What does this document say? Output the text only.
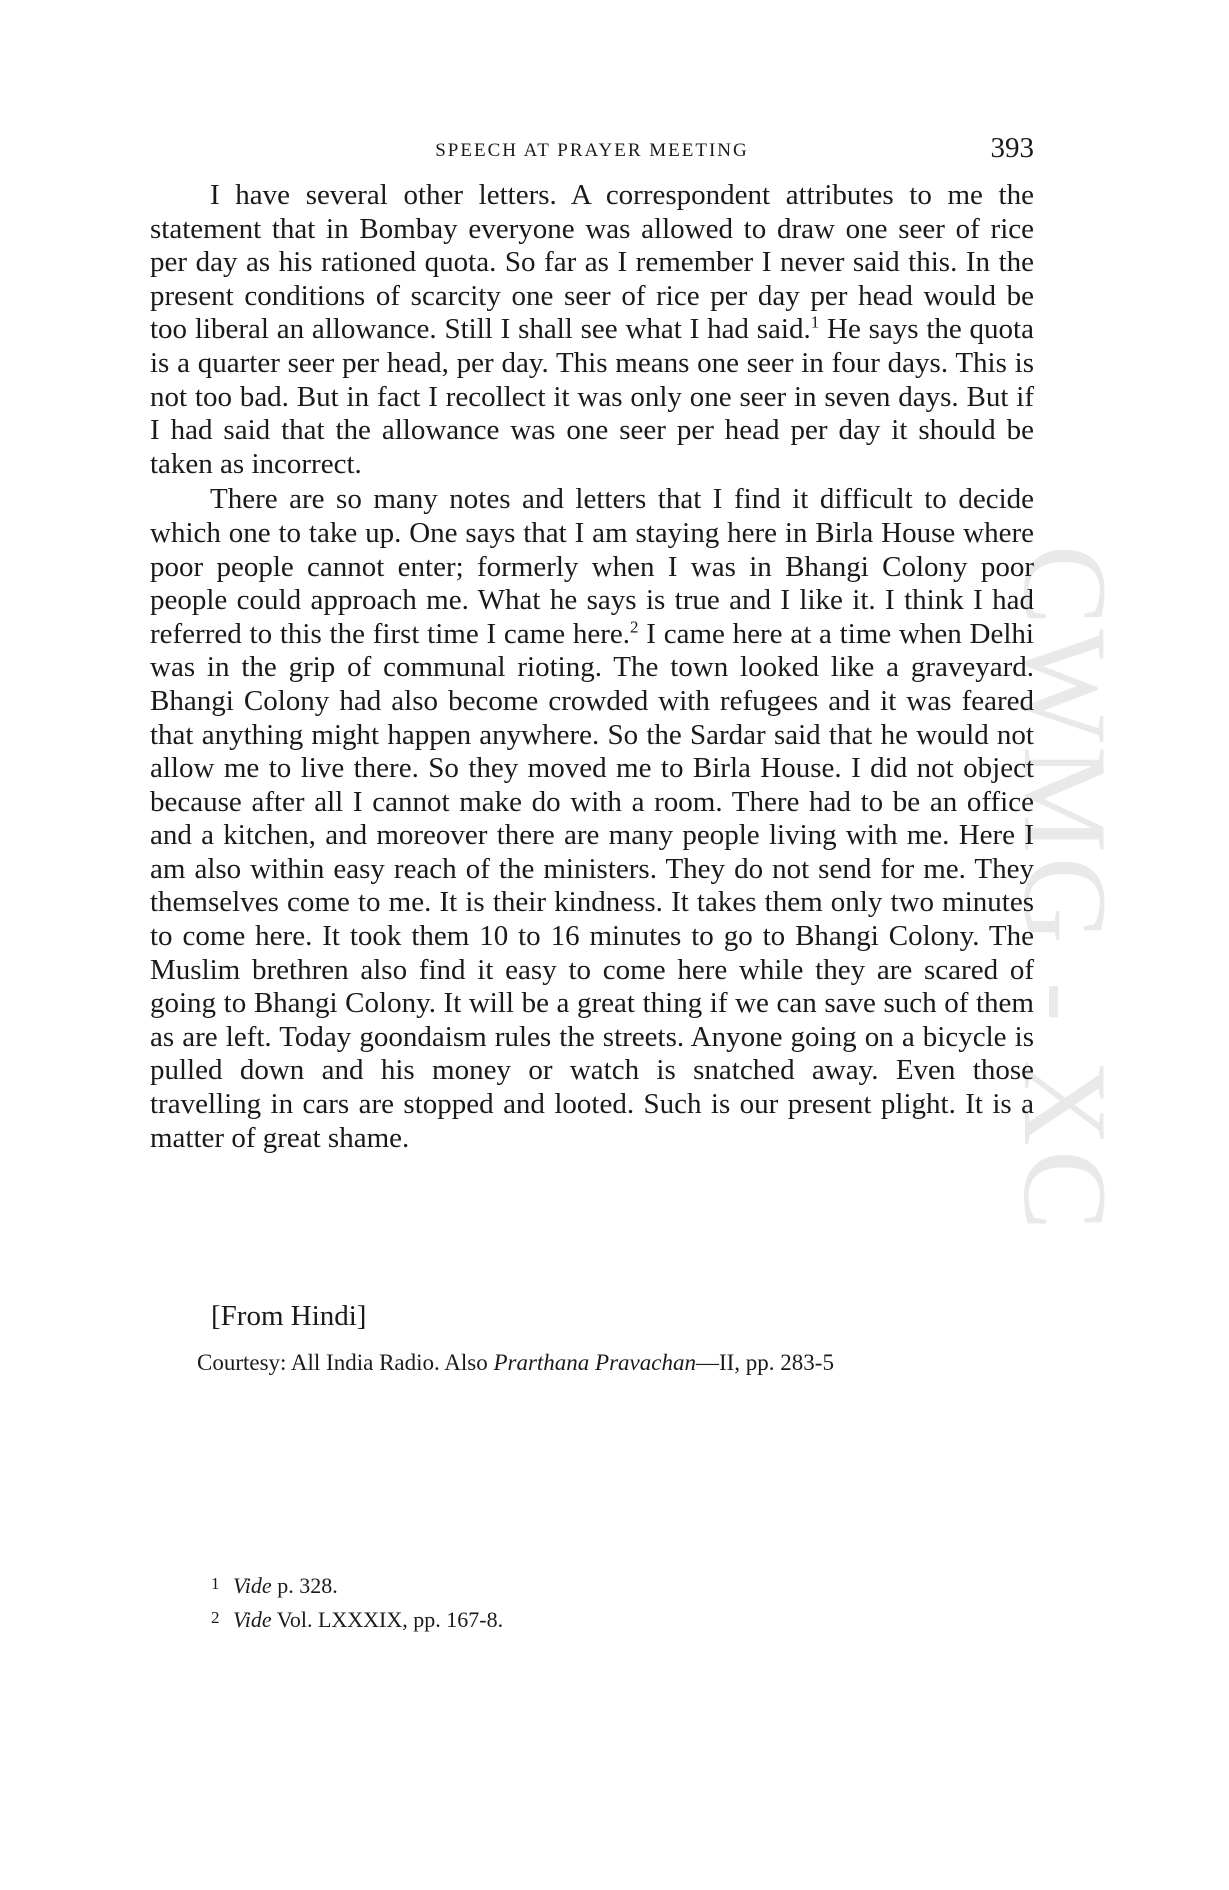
CWMG - XC
SPEECH AT PRAYER MEETING	393

I have several other letters. A correspondent attributes to me the statement that in Bombay everyone was allowed to draw one seer of rice per day as his rationed quota. So far as I remember I never said this. In the present conditions of scarcity one seer of rice per day per head would be too liberal an allowance. Still I shall see what I had said.$^1$ He says the quota is a quarter seer per head, per day. This means one seer in four days. This is not too bad. But in fact I recollect it was only one seer in seven days. But if I had said that the allowance was one seer per head per day it should be taken as incorrect.

There are so many notes and letters that I find it difficult to decide which one to take up. One says that I am staying here in Birla House where poor people cannot enter; formerly when I was in Bhangi Colony poor people could approach me. What he says is true and I like it. I think I had referred to this the first time I came here.$^2$ I came here at a time when Delhi was in the grip of communal rioting. The town looked like a graveyard. Bhangi Colony had also become crowded with refugees and it was feared that anything might happen anywhere. So the Sardar said that he would not allow me to live there. So they moved me to Birla House. I did not object because after all I cannot make do with a room. There had to be an office and a kitchen, and moreover there are many people living with me. Here I am also within easy reach of the ministers. They do not send for me. They themselves come to me. It is their kindness. It takes them only two minutes to come here. It took them 10 to 16 minutes to go to Bhangi Colony. The Muslim brethren also find it easy to come here while they are scared of going to Bhangi Colony. It will be a great thing if we can save such of them as are left. Today goondaism rules the streets. Anyone going on a bicycle is pulled down and his money or watch is snatched away. Even those travelling in cars are stopped and looted. Such is our present plight. It is a matter of great shame.

[From Hindi]
Courtesy: All India Radio. Also Prarthana Pravachan—II, pp. 283-5
1 Vide p. 328.
2 Vide Vol. LXXXIX, pp. 167-8.
